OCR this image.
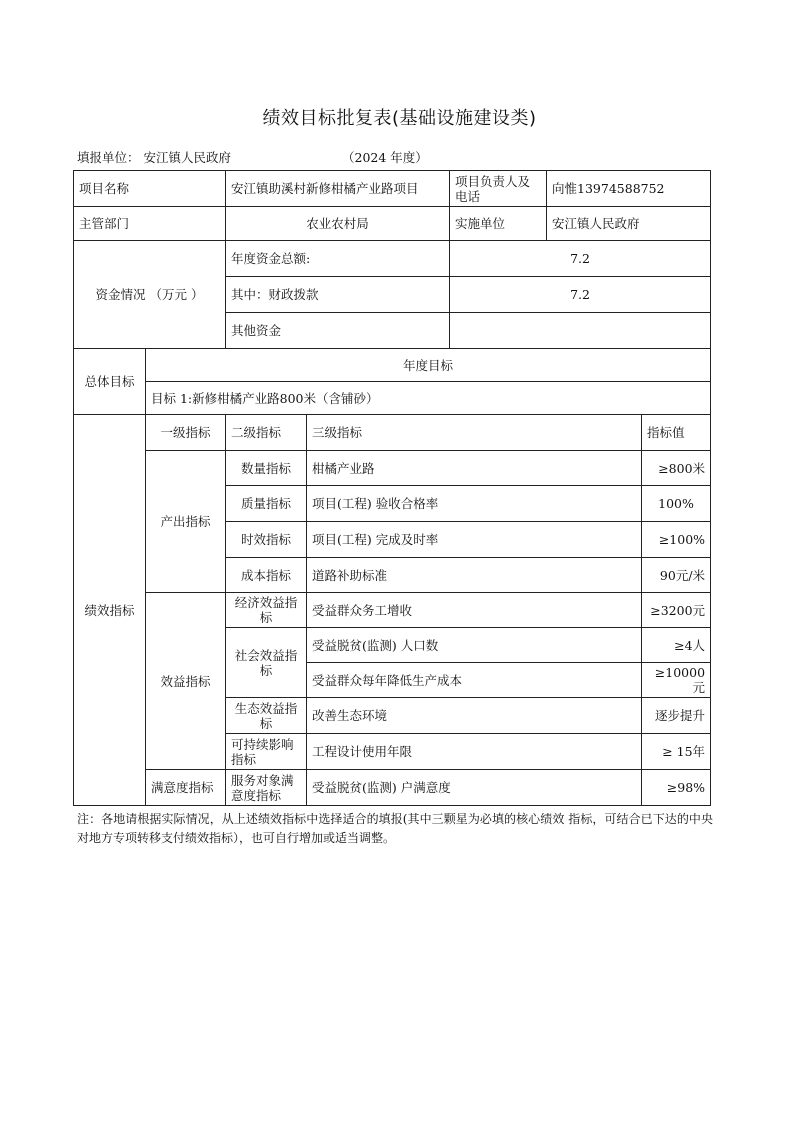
绩效目标批复表(基础设施建设类)
填报单位： 安江镇人民政府	（2024 年度）
项目名称		安江镇助溪村新修柑橘产业路项目		项目负责人及电话	向惟13974588752	
主管部门		农业农村局		实施单位	安江镇人民政府	
资金情况 （万元 ）		年度资金总额:		7.2		
		其中：财政拨款		7.2		
		其他资金				
总体目标	年度目标					
	目标 1:新修柑橘产业路800米（含铺砂）					
绩效指标	一级指标	二级指标	三级指标			指标值
	产出指标	数量指标	柑橘产业路			≥800米
		质量指标	项目(工程) 验收合格率			100%
		时效指标	项目(工程) 完成及时率			≥100%
		成本指标	道路补助标准			90元/米
	效益指标	经济效益指标	受益群众务工增收			≥3200元
		社会效益指标	受益脱贫(监测) 人口数			≥4人
			受益群众每年降低生产成本			≥10000元
		生态效益指标	改善生态环境			逐步提升
		可持续影响指标	工程设计使用年限			≥ 15年
	满意度指标	服务对象满意度指标	受益脱贫(监测) 户满意度			≥98%
注：各地请根据实际情况，从上述绩效指标中选择适合的填报(其中三颗星为必填的核心绩效 指标，可结合已下达的中央对地方专项转移支付绩效指标），也可自行增加或适当调整。
